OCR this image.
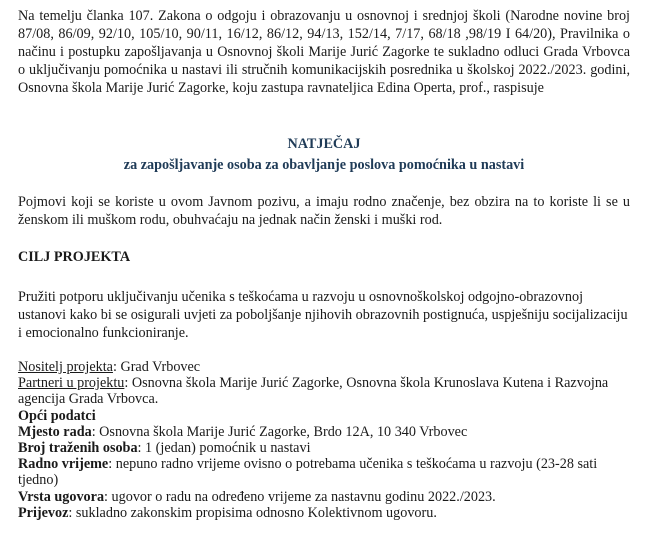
Na temelju članka 107. Zakona o odgoju i obrazovanju u osnovnoj i srednjoj školi (Narodne novine broj 87/08, 86/09, 92/10, 105/10, 90/11, 16/12, 86/12, 94/13, 152/14, 7/17, 68/18 ,98/19 I 64/20), Pravilnika o načinu i postupku zapošljavanja u Osnovnoj školi Marije Jurić Zagorke te sukladno odluci Grada Vrbovca o uključivanju pomoćnika u nastavi ili stručnih komunikacijskih posrednika u školskoj 2022./2023. godini, Osnovna škola Marije Jurić Zagorke, koju zastupa ravnateljica Edina Operta, prof., raspisuje

NATJEČAJ
za zapošljavanje osoba za obavljanje poslova pomoćnika u nastavi

Pojmovi koji se koriste u ovom Javnom pozivu, a imaju rodno značenje, bez obzira na to koriste li se u ženskom ili muškom rodu, obuhvaćaju na jednak način ženski i muški rod.

CILJ PROJEKTA

Pružiti potporu uključivanju učenika s teškoćama u razvoju u osnovnoškolskoj odgojno-obrazovnoj ustanovi kako bi se osigurali uvjeti za poboljšanje njihovih obrazovnih postignuća, uspješniju socijalizaciju i emocionalno funkcioniranje.

Nositelj projekta: Grad Vrbovec
Partneri u projektu: Osnovna škola Marije Jurić Zagorke, Osnovna škola Krunoslava Kutena i Razvojna agencija Grada Vrbovca.
Opći podatci
Mjesto rada: Osnovna škola Marije Jurić Zagorke, Brdo 12A, 10 340 Vrbovec
Broj traženih osoba: 1 (jedan) pomoćnik u nastavi
Radno vrijeme: nepuno radno vrijeme ovisno o potrebama učenika s teškoćama u razvoju (23-28 sati tjedno)
Vrsta ugovora: ugovor o radu na određeno vrijeme za nastavnu godinu 2022./2023.
Prijevoz: sukladno zakonskim propisima odnosno Kolektivnom ugovoru.
